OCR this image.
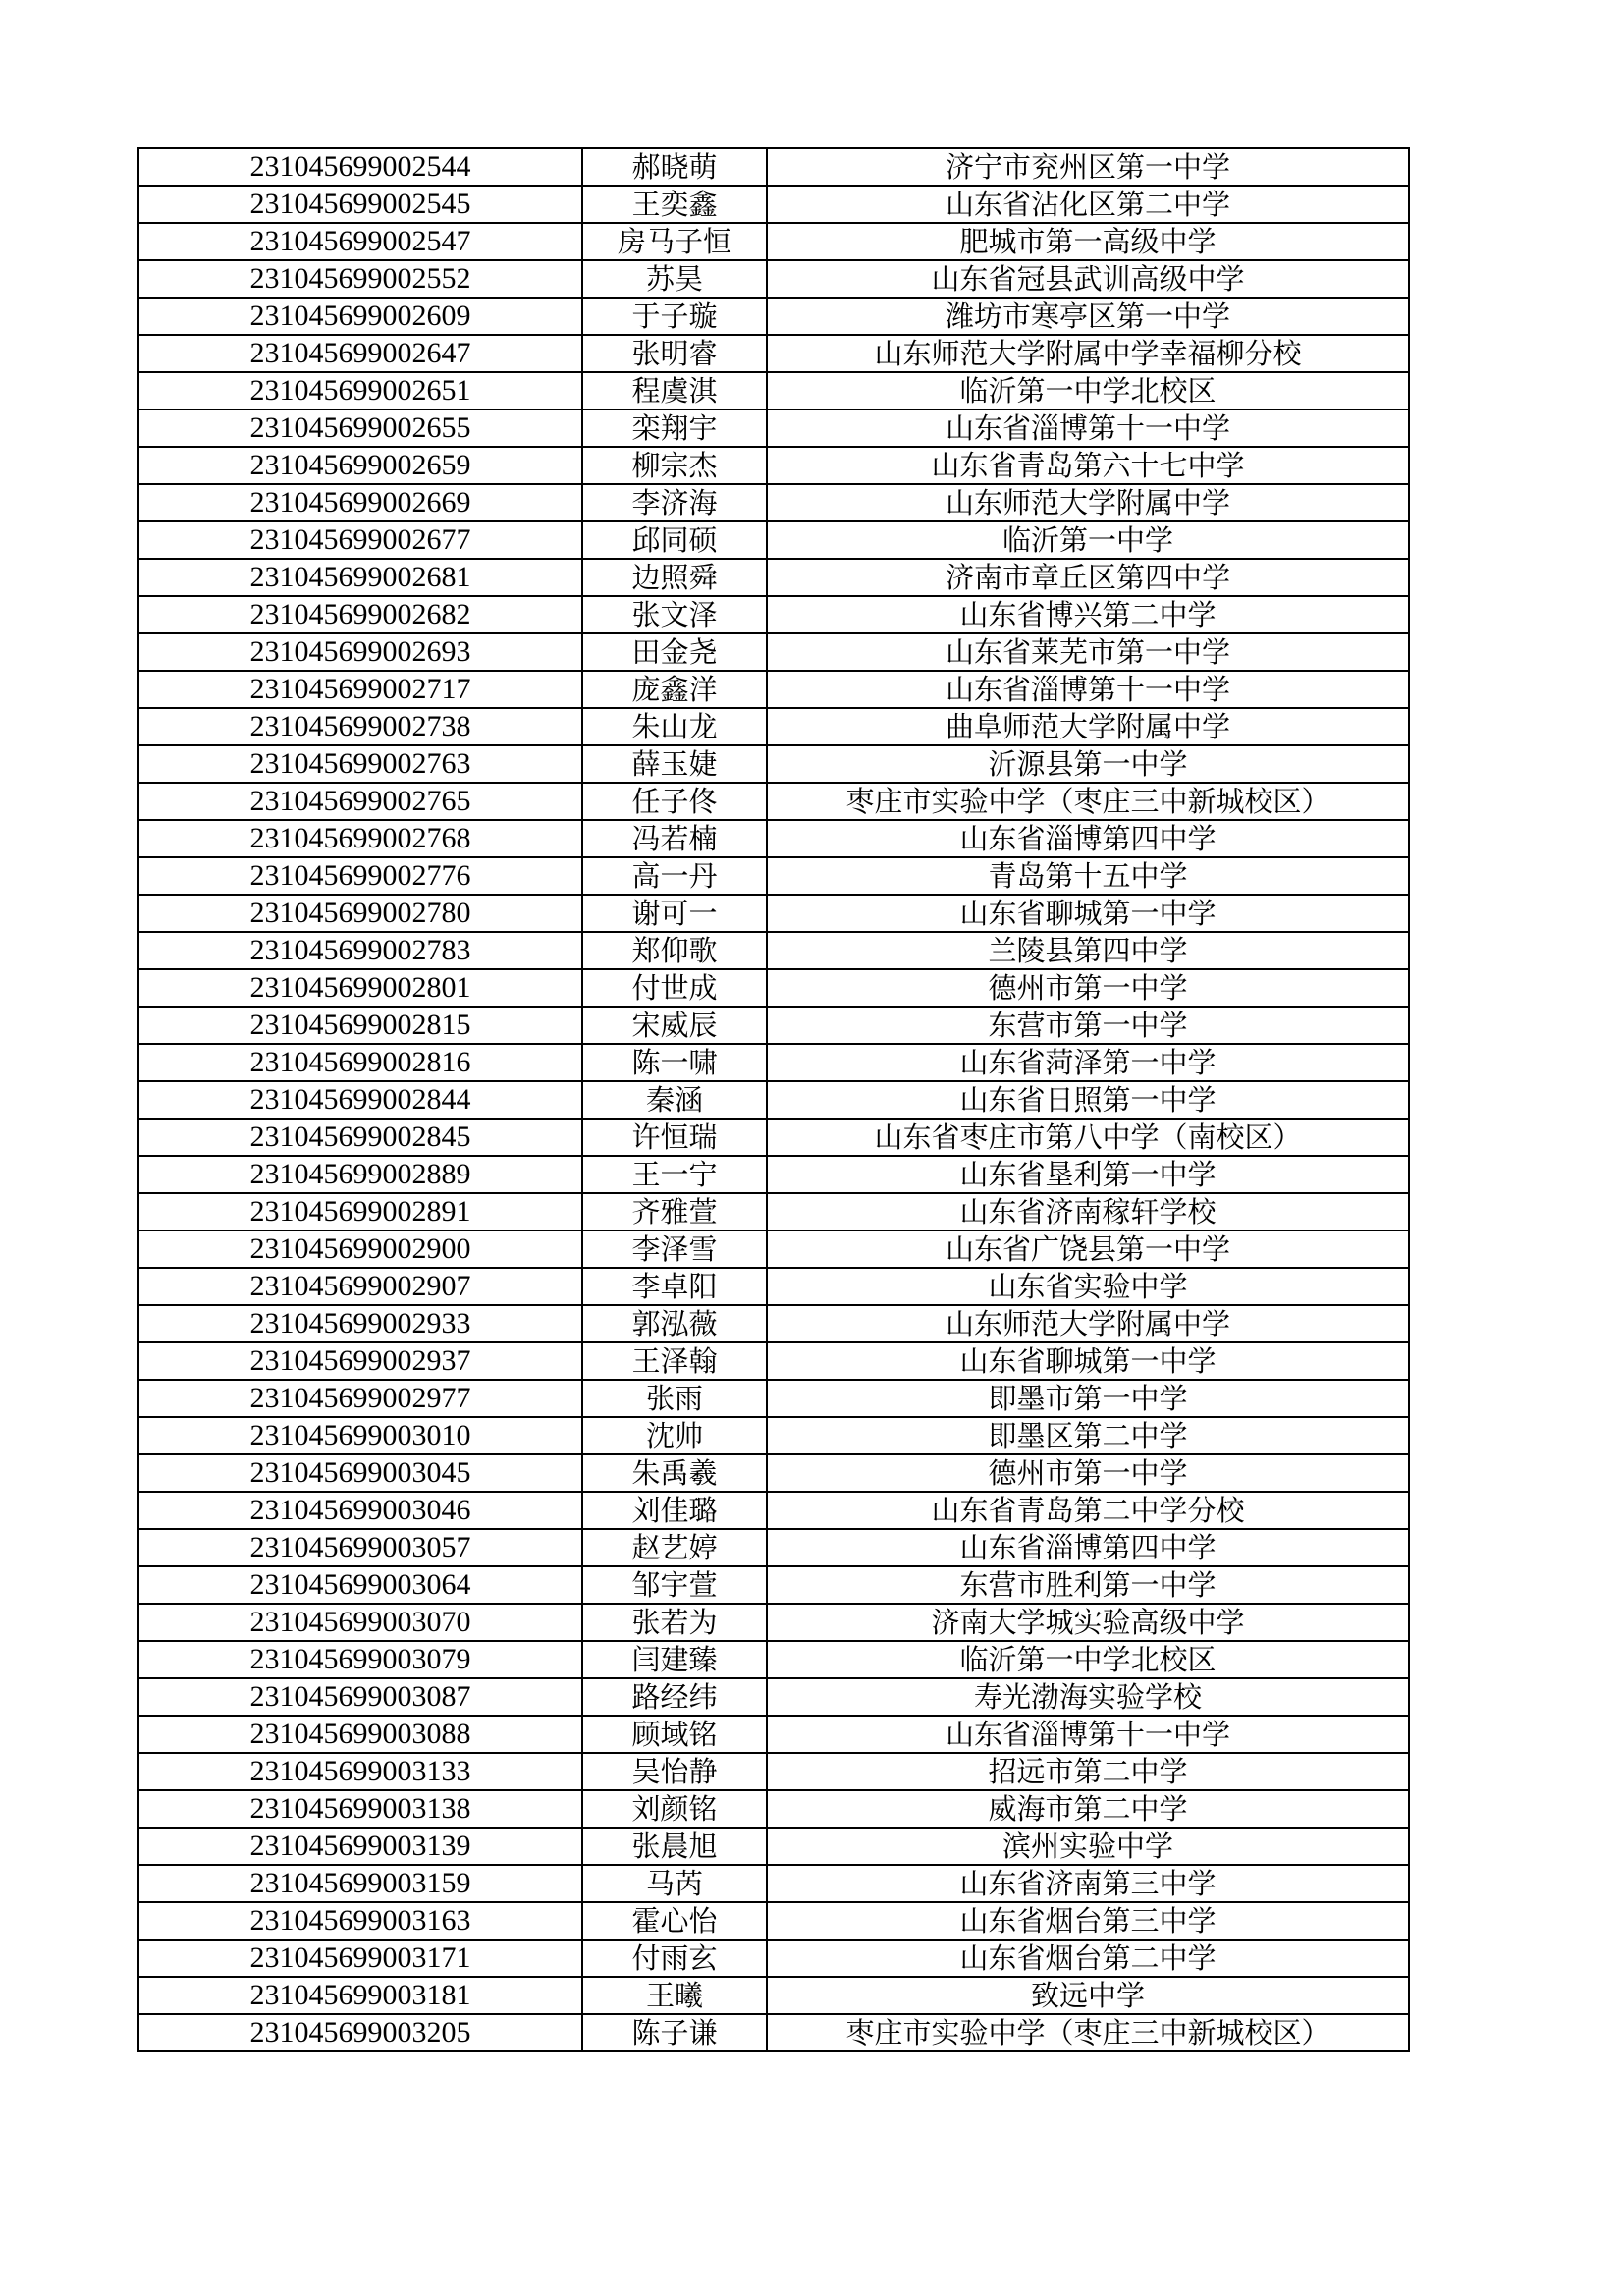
231045699002544	郝晓萌	济宁市兖州区第一中学
231045699002545	王奕鑫	山东省沾化区第二中学
231045699002547	房马子恒	肥城市第一高级中学
231045699002552	苏昊	山东省冠县武训高级中学
231045699002609	于子璇	潍坊市寒亭区第一中学
231045699002647	张明睿	山东师范大学附属中学幸福柳分校
231045699002651	程虞淇	临沂第一中学北校区
231045699002655	栾翔宇	山东省淄博第十一中学
231045699002659	柳宗杰	山东省青岛第六十七中学
231045699002669	李济海	山东师范大学附属中学
231045699002677	邱同硕	临沂第一中学
231045699002681	边照舜	济南市章丘区第四中学
231045699002682	张文泽	山东省博兴第二中学
231045699002693	田金尧	山东省莱芜市第一中学
231045699002717	庞鑫洋	山东省淄博第十一中学
231045699002738	朱山龙	曲阜师范大学附属中学
231045699002763	薛玉婕	沂源县第一中学
231045699002765	任子佟	枣庄市实验中学（枣庄三中新城校区）
231045699002768	冯若楠	山东省淄博第四中学
231045699002776	高一丹	青岛第十五中学
231045699002780	谢可一	山东省聊城第一中学
231045699002783	郑仰歌	兰陵县第四中学
231045699002801	付世成	德州市第一中学
231045699002815	宋威辰	东营市第一中学
231045699002816	陈一啸	山东省菏泽第一中学
231045699002844	秦涵	山东省日照第一中学
231045699002845	许恒瑞	山东省枣庄市第八中学（南校区）
231045699002889	王一宁	山东省垦利第一中学
231045699002891	齐雅萱	山东省济南稼轩学校
231045699002900	李泽雪	山东省广饶县第一中学
231045699002907	李卓阳	山东省实验中学
231045699002933	郭泓薇	山东师范大学附属中学
231045699002937	王泽翰	山东省聊城第一中学
231045699002977	张雨	即墨市第一中学
231045699003010	沈帅	即墨区第二中学
231045699003045	朱禹羲	德州市第一中学
231045699003046	刘佳璐	山东省青岛第二中学分校
231045699003057	赵艺婷	山东省淄博第四中学
231045699003064	邹宇萱	东营市胜利第一中学
231045699003070	张若为	济南大学城实验高级中学
231045699003079	闫建臻	临沂第一中学北校区
231045699003087	路经纬	寿光渤海实验学校
231045699003088	顾域铭	山东省淄博第十一中学
231045699003133	吴怡静	招远市第二中学
231045699003138	刘颜铭	威海市第二中学
231045699003139	张晨旭	滨州实验中学
231045699003159	马芮	山东省济南第三中学
231045699003163	霍心怡	山东省烟台第三中学
231045699003171	付雨玄	山东省烟台第二中学
231045699003181	王曦	致远中学
231045699003205	陈子谦	枣庄市实验中学（枣庄三中新城校区）
